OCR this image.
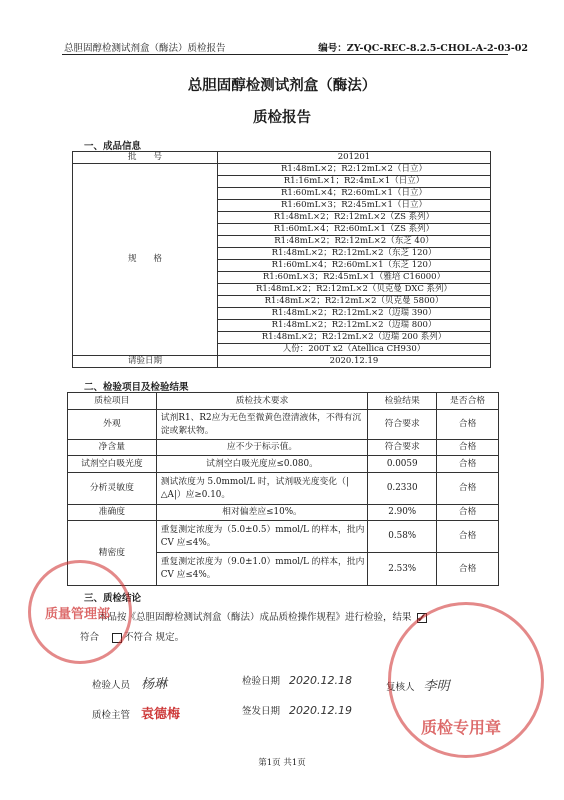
总胆固醇检测试剂盒（酶法）质检报告	编号：ZY-QC-REC-8.2.5-CHOL-A-2-03-02
总胆固醇检测试剂盒（酶法）
质检报告
一、成品信息
批　　号	201201
规　　格	R1:48mL×2；R2:12mL×2（日立）
	R1:16mL×1；R2:4mL×1（日立）
	R1:60mL×4；R2:60mL×1（日立）
	R1:60mL×3；R2:45mL×1（日立）
	R1:48mL×2；R2:12mL×2（ZS 系列）
	R1:60mL×4；R2:60mL×1（ZS 系列）
	R1:48mL×2；R2:12mL×2（东芝 40）
	R1:48mL×2；R2:12mL×2（东芝 120）
	R1:60mL×4；R2:60mL×1（东芝 120）
	R1:60mL×3；R2:45mL×1（雅培 C16000）
	R1:48mL×2；R2:12mL×2（贝克曼 DXC 系列）
	R1:48mL×2；R2:12mL×2（贝克曼 5800）
	R1:48mL×2；R2:12mL×2（迈瑞 390）
	R1:48mL×2；R2:12mL×2（迈瑞 800）
	R1:48mL×2；R2:12mL×2（迈瑞 200 系列）
	人份：200T x2（Atellica CH930）
请验日期	2020.12.19
二、检验项目及检验结果
质检项目	质检技术要求	检验结果	是否合格
外观	试剂R1、R2应为无色至微黄色澄清液体，不得有沉淀或絮状物。	符合要求	合格
净含量	应不少于标示值。	符合要求	合格
试剂空白吸光度	试剂空白吸光度应≤0.080。	0.0059	合格
分析灵敏度	测试浓度为 5.0mmol/L 时，试剂吸光度变化（|△A|）应≥0.10。	0.2330	合格
准确度	相对偏差应≤10%。	2.90%	合格
精密度	重复测定浓度为（5.0±0.5）mmol/L 的样本，批内 CV 应≤4%。	0.58%	合格
	重复测定浓度为（9.0±1.0）mmol/L 的样本，批内 CV 应≤4%。	2.53%	合格
三、质检结论
本品按《总胆固醇检测试剂盒（酶法）成品质检操作规程》进行检验，结果 ✓
符合	不符合 规定。
检验人员 杨琳	检验日期 2020.12.18
复核人 李明
质检主管 袁德梅	签发日期 2020.12.19
质量管理部
质检专用章
第1页 共1页
